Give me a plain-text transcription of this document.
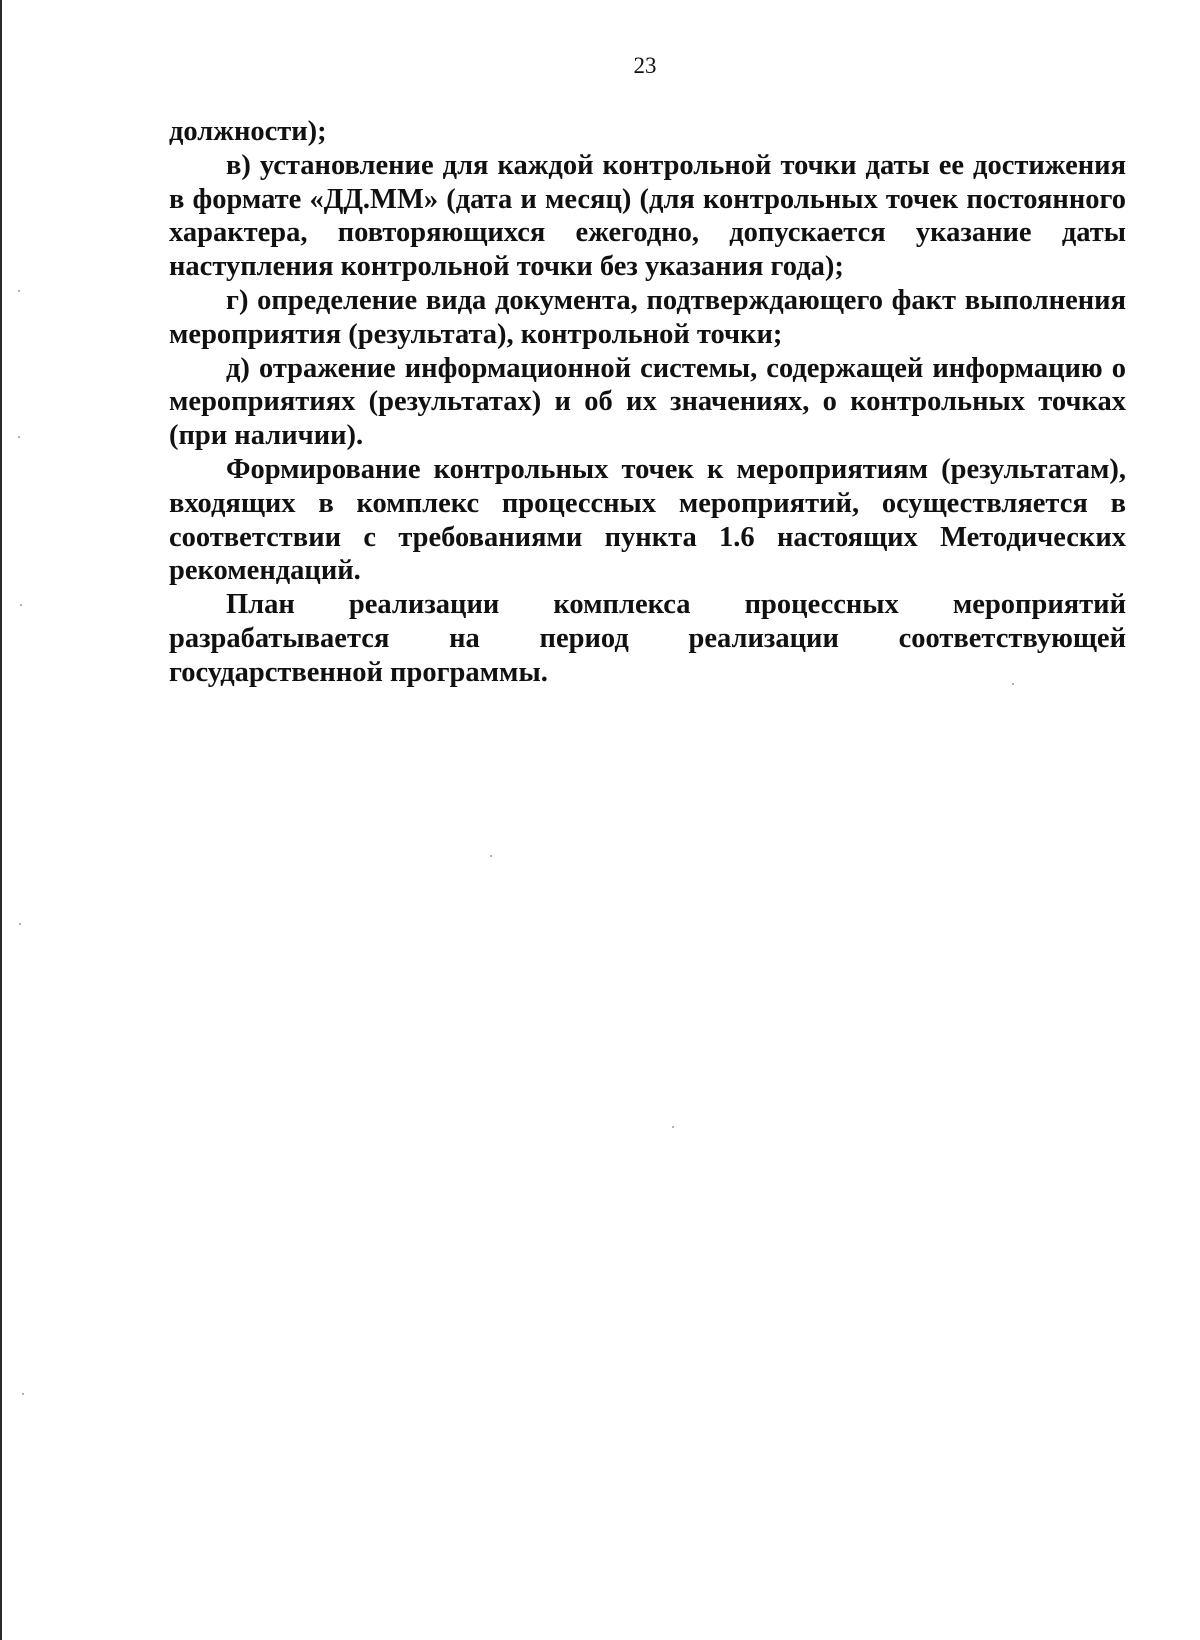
23

должности);

в) установление для каждой контрольной точки даты ее достижения в формате «ДД.ММ» (дата и месяц) (для контрольных точек постоянного характера, повторяющихся ежегодно, допускается указание даты наступления контрольной точки без указания года);

г) определение вида документа, подтверждающего факт выполнения мероприятия (результата), контрольной точки;

д) отражение информационной системы, содержащей информацию о мероприятиях (результатах) и об их значениях, о контрольных точках (при наличии).

Формирование контрольных точек к мероприятиям (результатам), входящих в комплекс процессных мероприятий, осуществляется в соответствии с требованиями пункта 1.6 настоящих Методических рекомендаций.

План реализации комплекса процессных мероприятий разрабатывается на период реализации соответствующей государственной программы.
